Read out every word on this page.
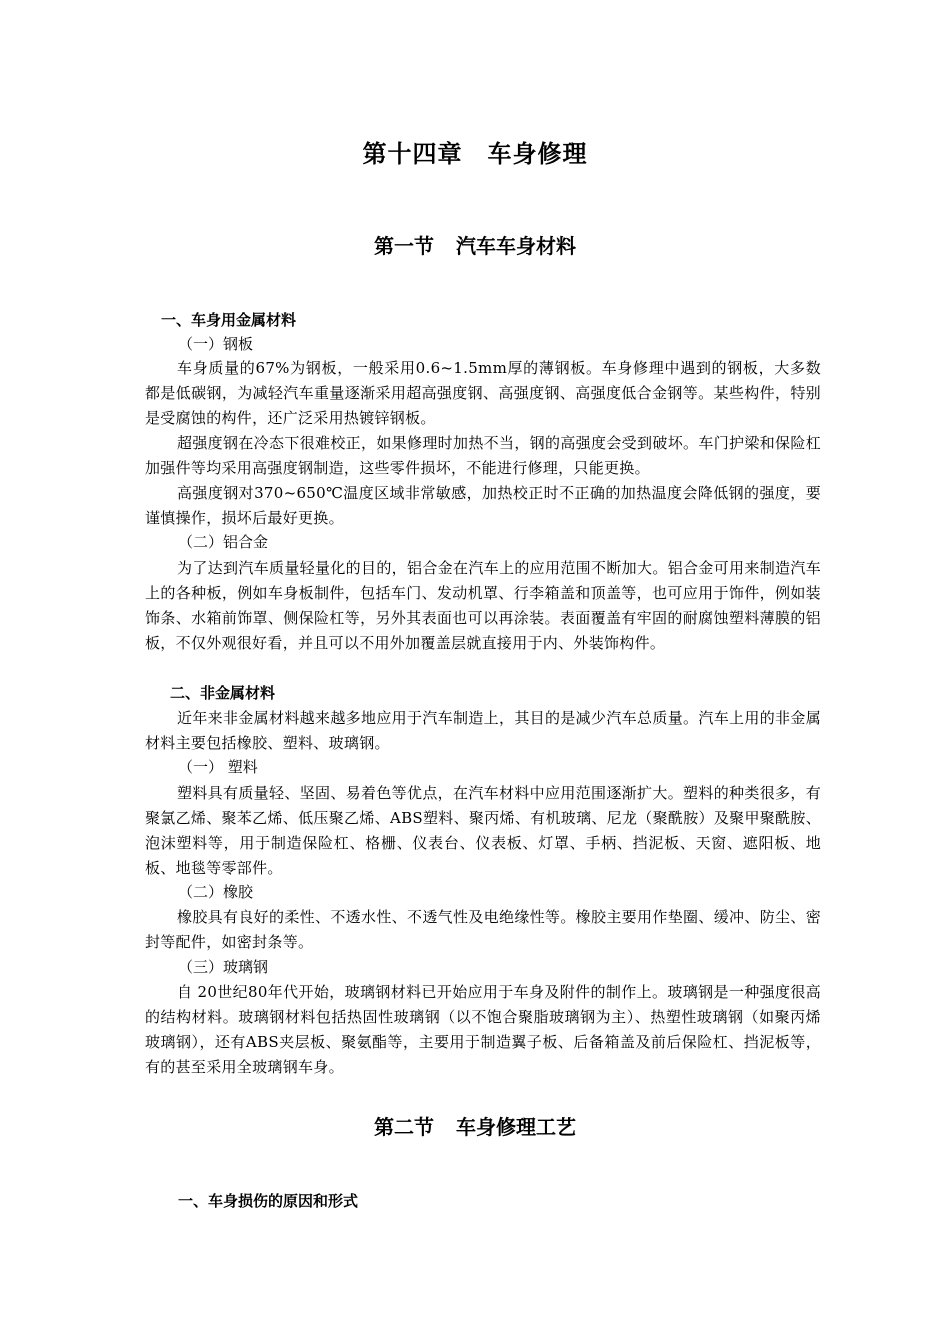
第十四章　车身修理
第一节 汽车车身材料
一、车身用金属材料
（一）钢板
车身质量的67%为钢板，一般采用0.6~1.5mm厚的薄钢板。车身修理中遇到的钢板，大多数都是低碳钢，为减轻汽车重量逐渐采用超高强度钢、高强度钢、高强度低合金钢等。某些构件，特别是受腐蚀的构件，还广泛采用热镀锌钢板。
超强度钢在冷态下很难校正，如果修理时加热不当，钢的高强度会受到破坏。车门护梁和保险杠加强件等均采用高强度钢制造，这些零件损坏，不能进行修理，只能更换。
高强度钢对370~650℃温度区域非常敏感，加热校正时不正确的加热温度会降低钢的强度，要谨慎操作，损坏后最好更换。
（二）铝合金
为了达到汽车质量轻量化的目的，铝合金在汽车上的应用范围不断加大。铝合金可用来制造汽车上的各种板，例如车身板制件，包括车门、发动机罩、行李箱盖和顶盖等，也可应用于饰件，例如装饰条、水箱前饰罩、侧保险杠等，另外其表面也可以再涂装。表面覆盖有牢固的耐腐蚀塑料薄膜的铝板，不仅外观很好看，并且可以不用外加覆盖层就直接用于内、外装饰构件。
二、非金属材料
近年来非金属材料越来越多地应用于汽车制造上，其目的是减少汽车总质量。汽车上用的非金属材料主要包括橡胶、塑料、玻璃钢。
（一） 塑料
塑料具有质量轻、坚固、易着色等优点，在汽车材料中应用范围逐渐扩大。塑料的种类很多，有聚氯乙烯、聚苯乙烯、低压聚乙烯、ABS塑料、聚丙烯、有机玻璃、尼龙（聚酰胺）及聚甲聚酰胺、泡沫塑料等，用于制造保险杠、格栅、仪表台、仪表板、灯罩、手柄、挡泥板、天窗、遮阳板、地板、地毯等零部件。
（二）橡胶
橡胶具有良好的柔性、不透水性、不透气性及电绝缘性等。橡胶主要用作垫圈、缓冲、防尘、密封等配件，如密封条等。
（三）玻璃钢
自 20世纪80年代开始，玻璃钢材料已开始应用于车身及附件的制作上。玻璃钢是一种强度很高的结构材料。玻璃钢材料包括热固性玻璃钢（以不饱合聚脂玻璃钢为主）、热塑性玻璃钢（如聚丙烯玻璃钢），还有ABS夹层板、聚氨酯等，主要用于制造翼子板、后备箱盖及前后保险杠、挡泥板等，有的甚至采用全玻璃钢车身。
第二节 车身修理工艺
一、车身损伤的原因和形式
